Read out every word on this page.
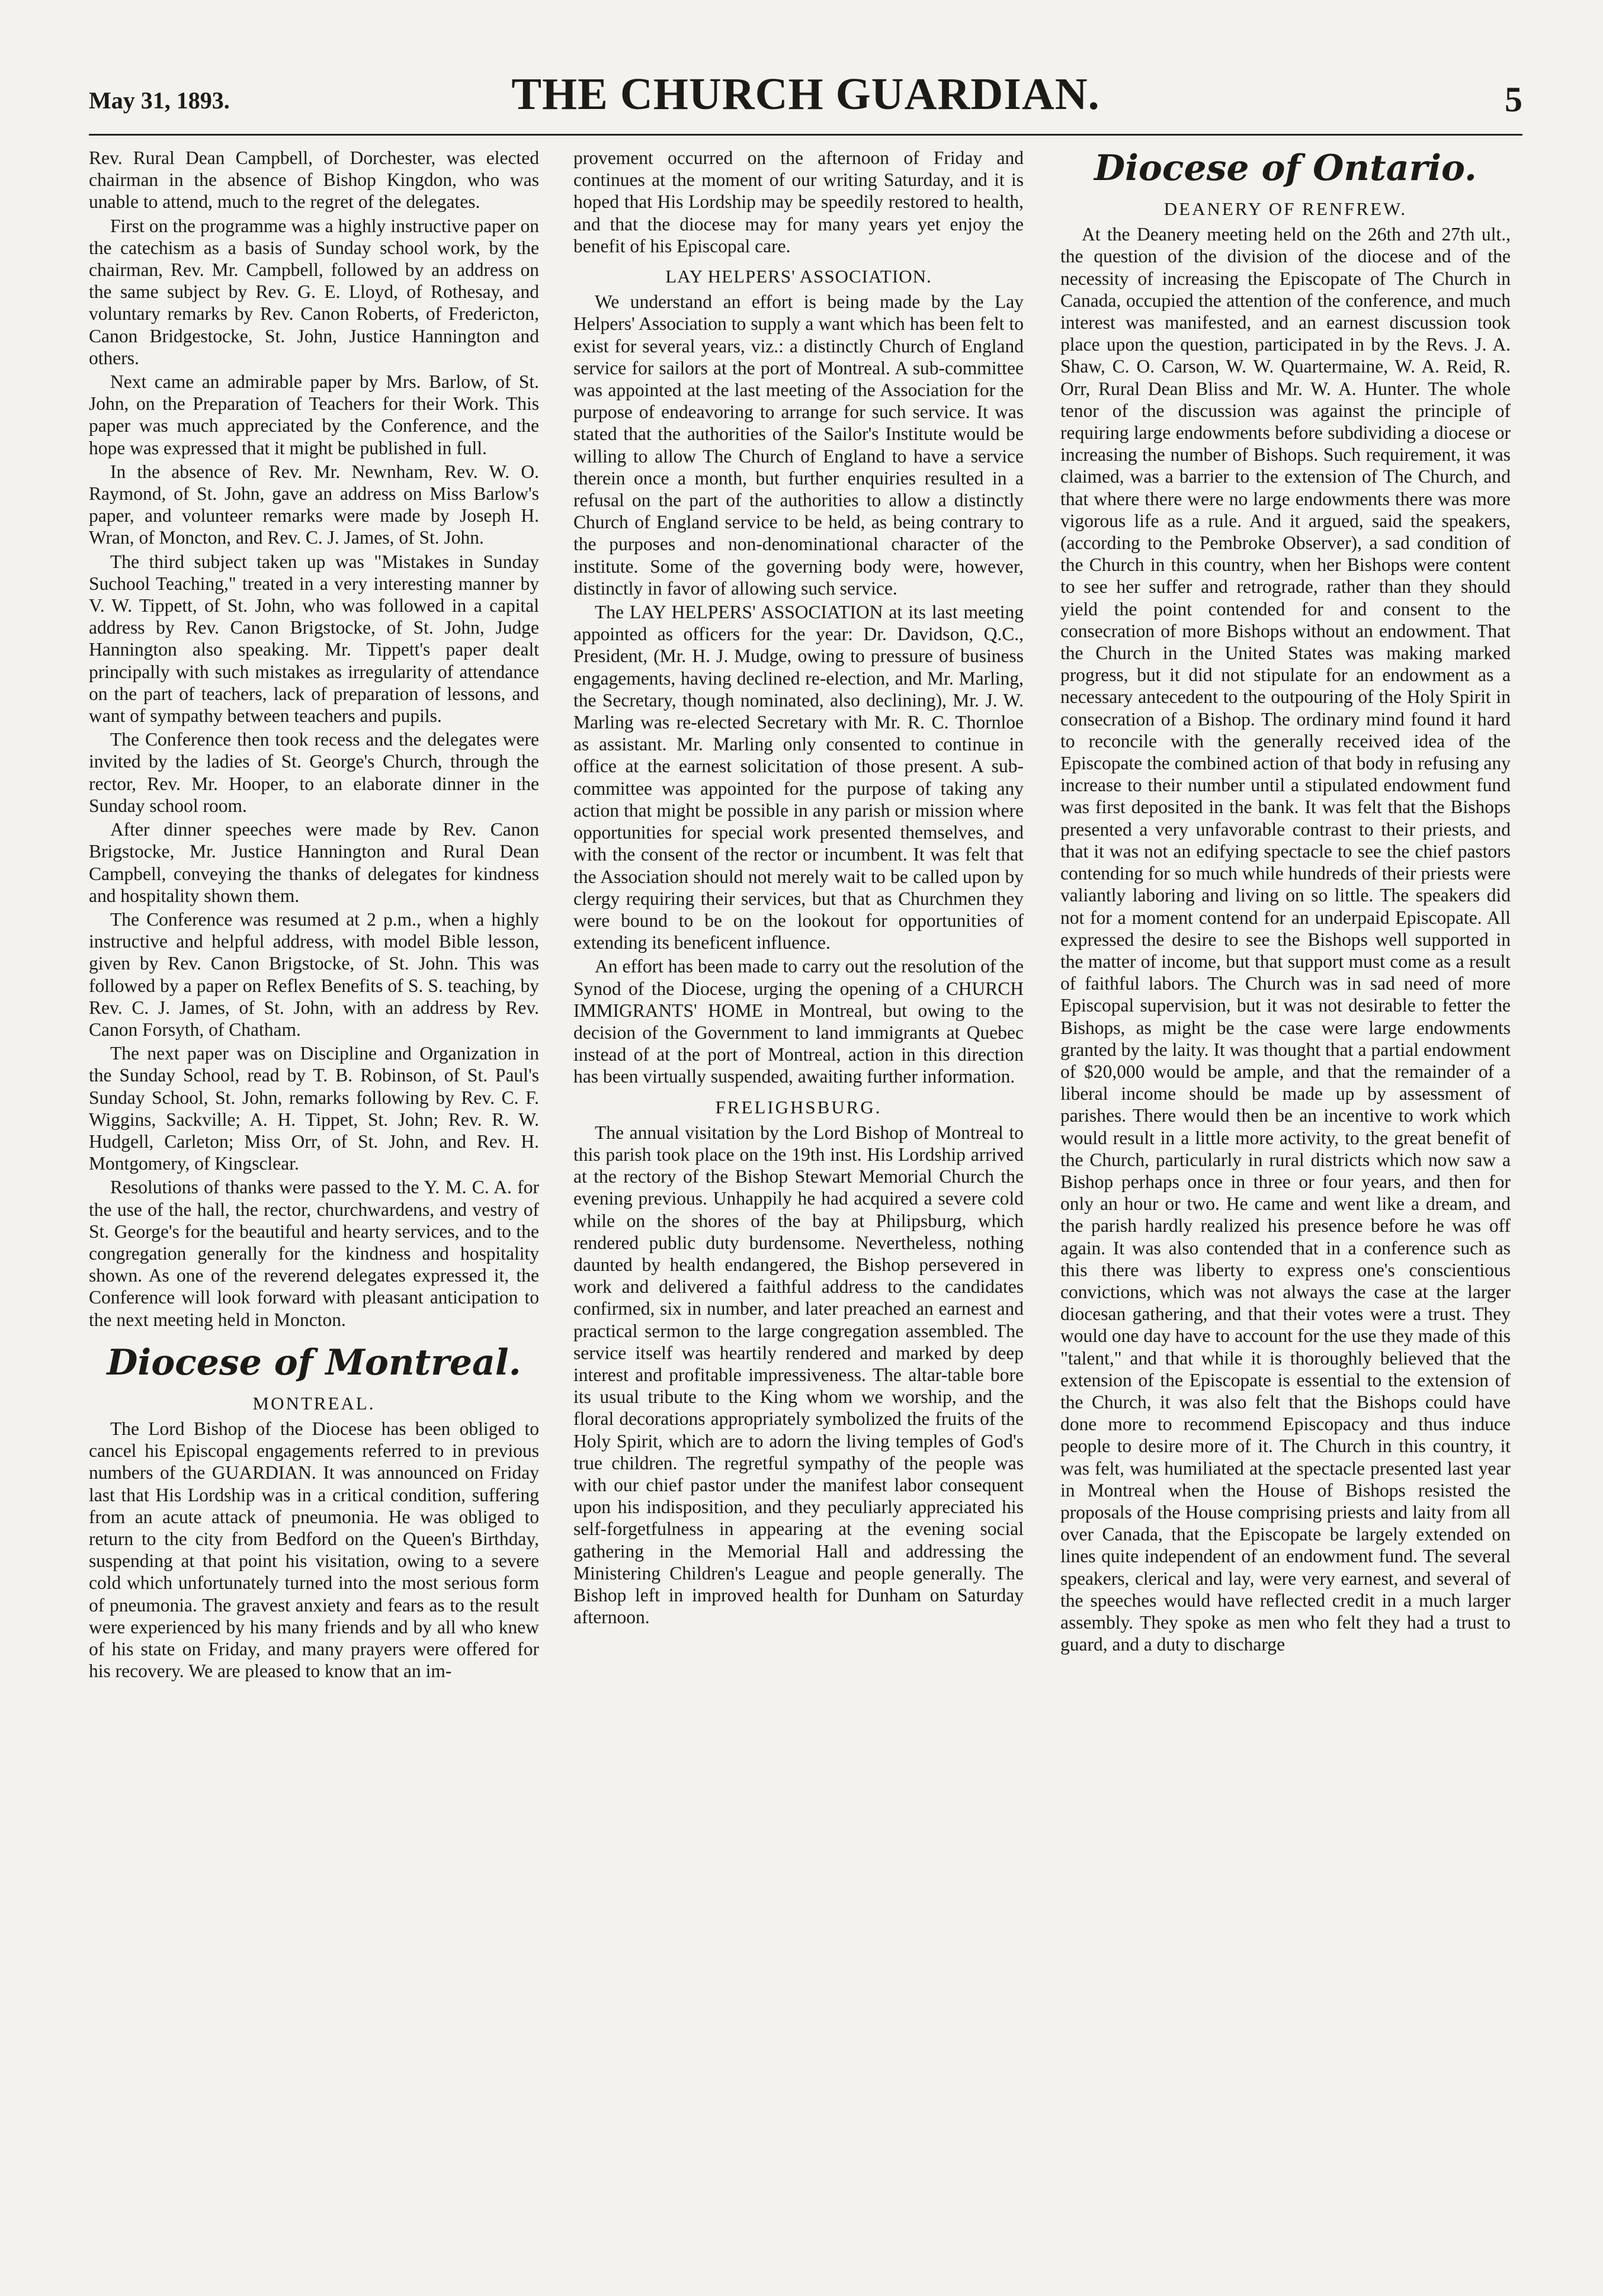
May 31, 1893.	THE CHURCH GUARDIAN.	5

Rev. Rural Dean Campbell, of Dorchester, was elected chairman in the absence of Bishop Kingdon, who was unable to attend, much to the regret of the delegates.

First on the programme was a highly instructive paper on the catechism as a basis of Sunday school work, by the chairman, Rev. Mr. Campbell, followed by an address on the same subject by Rev. G. E. Lloyd, of Rothesay, and voluntary remarks by Rev. Canon Roberts, of Fredericton, Canon Bridgestocke, St. John, Justice Hannington and others.

Next came an admirable paper by Mrs. Barlow, of St. John, on the Preparation of Teachers for their Work. This paper was much appreciated by the Conference, and the hope was expressed that it might be published in full.

In the absence of Rev. Mr. Newnham, Rev. W. O. Raymond, of St. John, gave an address on Miss Barlow's paper, and volunteer remarks were made by Joseph H. Wran, of Moncton, and Rev. C. J. James, of St. John.

The third subject taken up was "Mistakes in Sunday Suchool Teaching," treated in a very interesting manner by V. W. Tippett, of St. John, who was followed in a capital address by Rev. Canon Brigstocke, of St. John, Judge Hannington also speaking. Mr. Tippett's paper dealt principally with such mistakes as irregularity of attendance on the part of teachers, lack of preparation of lessons, and want of sympathy between teachers and pupils.

The Conference then took recess and the delegates were invited by the ladies of St. George's Church, through the rector, Rev. Mr. Hooper, to an elaborate dinner in the Sunday school room.

After dinner speeches were made by Rev. Canon Brigstocke, Mr. Justice Hannington and Rural Dean Campbell, conveying the thanks of delegates for kindness and hospitality shown them.

The Conference was resumed at 2 p.m., when a highly instructive and helpful address, with model Bible lesson, given by Rev. Canon Brigstocke, of St. John. This was followed by a paper on Reflex Benefits of S. S. teaching, by Rev. C. J. James, of St. John, with an address by Rev. Canon Forsyth, of Chatham.

The next paper was on Discipline and Organization in the Sunday School, read by T. B. Robinson, of St. Paul's Sunday School, St. John, remarks following by Rev. C. F. Wiggins, Sackville; A. H. Tippet, St. John; Rev. R. W. Hudgell, Carleton; Miss Orr, of St. John, and Rev. H. Montgomery, of Kingsclear.

Resolutions of thanks were passed to the Y. M. C. A. for the use of the hall, the rector, churchwardens, and vestry of St. George's for the beautiful and hearty services, and to the congregation generally for the kindness and hospitality shown. As one of the reverend delegates expressed it, the Conference will look forward with pleasant anticipation to the next meeting held in Moncton.

Diocese of Montreal.
MONTREAL.

The Lord Bishop of the Diocese has been obliged to cancel his Episcopal engagements referred to in previous numbers of the GUARDIAN. It was announced on Friday last that His Lordship was in a critical condition, suffering from an acute attack of pneumonia. He was obliged to return to the city from Bedford on the Queen's Birthday, suspending at that point his visitation, owing to a severe cold which unfortunately turned into the most serious form of pneumonia. The gravest anxiety and fears as to the result were experienced by his many friends and by all who knew of his state on Friday, and many prayers were offered for his recovery. We are pleased to know that an im-

provement occurred on the afternoon of Friday and continues at the moment of our writing Saturday, and it is hoped that His Lordship may be speedily restored to health, and that the diocese may for many years yet enjoy the benefit of his Episcopal care.

LAY HELPERS' ASSOCIATION.

We understand an effort is being made by the Lay Helpers' Association to supply a want which has been felt to exist for several years, viz.: a distinctly Church of England service for sailors at the port of Montreal. A sub-committee was appointed at the last meeting of the Association for the purpose of endeavoring to arrange for such service. It was stated that the authorities of the Sailor's Institute would be willing to allow The Church of England to have a service therein once a month, but further enquiries resulted in a refusal on the part of the authorities to allow a distinctly Church of England service to be held, as being contrary to the purposes and non-denominational character of the institute. Some of the governing body were, however, distinctly in favor of allowing such service.

The LAY HELPERS' ASSOCIATION at its last meeting appointed as officers for the year: Dr. Davidson, Q.C., President, (Mr. H. J. Mudge, owing to pressure of business engagements, having declined re-election, and Mr. Marling, the Secretary, though nominated, also declining), Mr. J. W. Marling was re-elected Secretary with Mr. R. C. Thornloe as assistant. Mr. Marling only consented to continue in office at the earnest solicitation of those present. A sub-committee was appointed for the purpose of taking any action that might be possible in any parish or mission where opportunities for special work presented themselves, and with the consent of the rector or incumbent. It was felt that the Association should not merely wait to be called upon by clergy requiring their services, but that as Churchmen they were bound to be on the lookout for opportunities of extending its beneficent influence.

An effort has been made to carry out the resolution of the Synod of the Diocese, urging the opening of a CHURCH IMMIGRANTS' HOME in Montreal, but owing to the decision of the Government to land immigrants at Quebec instead of at the port of Montreal, action in this direction has been virtually suspended, awaiting further information.

FRELIGHSBURG.

The annual visitation by the Lord Bishop of Montreal to this parish took place on the 19th inst. His Lordship arrived at the rectory of the Bishop Stewart Memorial Church the evening previous. Unhappily he had acquired a severe cold while on the shores of the bay at Philipsburg, which rendered public duty burdensome. Nevertheless, nothing daunted by health endangered, the Bishop persevered in work and delivered a faithful address to the candidates confirmed, six in number, and later preached an earnest and practical sermon to the large congregation assembled. The service itself was heartily rendered and marked by deep interest and profitable impressiveness. The altar-table bore its usual tribute to the King whom we worship, and the floral decorations appropriately symbolized the fruits of the Holy Spirit, which are to adorn the living temples of God's true children. The regretful sympathy of the people was with our chief pastor under the manifest labor consequent upon his indisposition, and they peculiarly appreciated his self-forgetfulness in appearing at the evening social gathering in the Memorial Hall and addressing the Ministering Children's League and people generally. The Bishop left in improved health for Dunham on Saturday afternoon.

Diocese of Ontario.
DEANERY OF RENFREW.

At the Deanery meeting held on the 26th and 27th ult., the question of the division of the diocese and of the necessity of increasing the Episcopate of The Church in Canada, occupied the attention of the conference, and much interest was manifested, and an earnest discussion took place upon the question, participated in by the Revs. J. A. Shaw, C. O. Carson, W. W. Quartermaine, W. A. Reid, R. Orr, Rural Dean Bliss and Mr. W. A. Hunter. The whole tenor of the discussion was against the principle of requiring large endowments before subdividing a diocese or increasing the number of Bishops. Such requirement, it was claimed, was a barrier to the extension of The Church, and that where there were no large endowments there was more vigorous life as a rule. And it argued, said the speakers, (according to the Pembroke Observer), a sad condition of the Church in this country, when her Bishops were content to see her suffer and retrograde, rather than they should yield the point contended for and consent to the consecration of more Bishops without an endowment. That the Church in the United States was making marked progress, but it did not stipulate for an endowment as a necessary antecedent to the outpouring of the Holy Spirit in consecration of a Bishop. The ordinary mind found it hard to reconcile with the generally received idea of the Episcopate the combined action of that body in refusing any increase to their number until a stipulated endowment fund was first deposited in the bank. It was felt that the Bishops presented a very unfavorable contrast to their priests, and that it was not an edifying spectacle to see the chief pastors contending for so much while hundreds of their priests were valiantly laboring and living on so little. The speakers did not for a moment contend for an underpaid Episcopate. All expressed the desire to see the Bishops well supported in the matter of income, but that support must come as a result of faithful labors. The Church was in sad need of more Episcopal supervision, but it was not desirable to fetter the Bishops, as might be the case were large endowments granted by the laity. It was thought that a partial endowment of $20,000 would be ample, and that the remainder of a liberal income should be made up by assessment of parishes. There would then be an incentive to work which would result in a little more activity, to the great benefit of the Church, particularly in rural districts which now saw a Bishop perhaps once in three or four years, and then for only an hour or two. He came and went like a dream, and the parish hardly realized his presence before he was off again. It was also contended that in a conference such as this there was liberty to express one's conscientious convictions, which was not always the case at the larger diocesan gathering, and that their votes were a trust. They would one day have to account for the use they made of this "talent," and that while it is thoroughly believed that the extension of the Episcopate is essential to the extension of the Church, it was also felt that the Bishops could have done more to recommend Episcopacy and thus induce people to desire more of it. The Church in this country, it was felt, was humiliated at the spectacle presented last year in Montreal when the House of Bishops resisted the proposals of the House comprising priests and laity from all over Canada, that the Episcopate be largely extended on lines quite independent of an endowment fund. The several speakers, clerical and lay, were very earnest, and several of the speeches would have reflected credit in a much larger assembly. They spoke as men who felt they had a trust to guard, and a duty to discharge
